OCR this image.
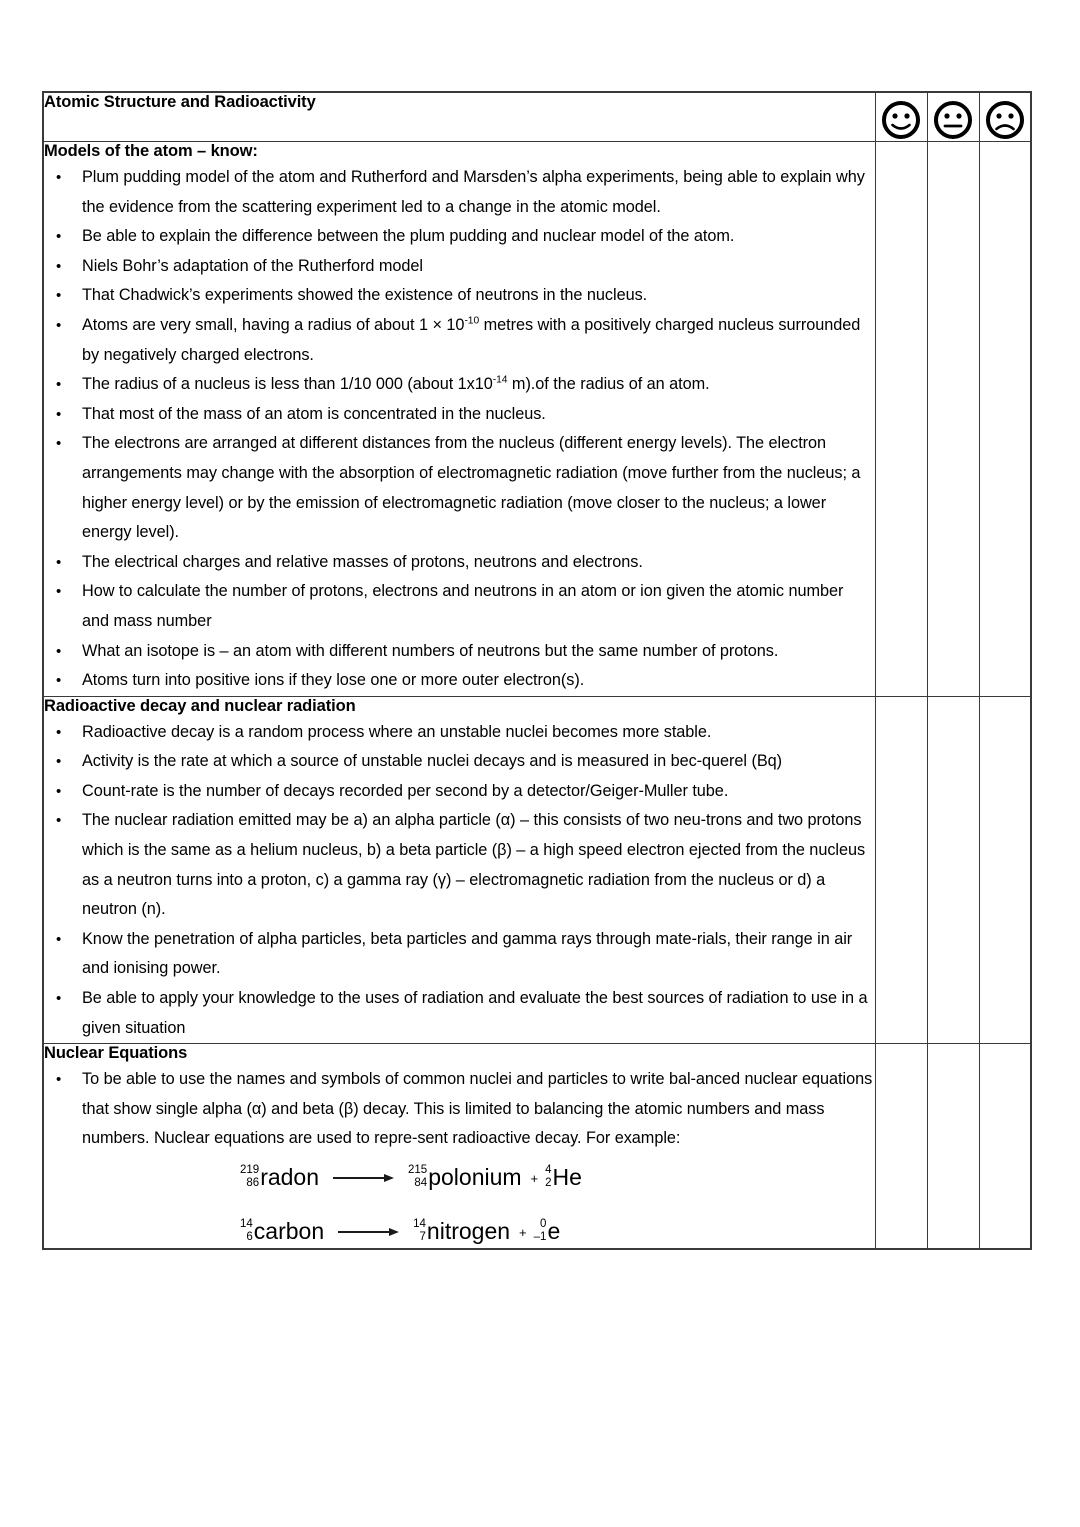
Atomic Structure and Radioactivity

Models of the atom – know:
• Plum pudding model of the atom and Rutherford and Marsden’s alpha experiments, being able to explain why the evidence from the scattering experiment led to a change in the atomic model.
• Be able to explain the difference between the plum pudding and nuclear model of the atom.
• Niels Bohr’s adaptation of the Rutherford model
• That Chadwick’s experiments showed the existence of neutrons in the nucleus.
• Atoms are very small, having a radius of about $1 \times 10^{-10}$ metres with a positively charged nucleus surrounded by negatively charged electrons.
• The radius of a nucleus is less than 1/10 000 (about $1x10^{-14}$ m).of the radius of an atom.
• That most of the mass of an atom is concentrated in the nucleus.
• The electrons are arranged at different distances from the nucleus (different energy levels). The electron arrangements may change with the absorption of electromagnetic radiation (move further from the nucleus; a higher energy level) or by the emission of electromagnetic radiation (move closer to the nucleus; a lower energy level).
• The electrical charges and relative masses of protons, neutrons and electrons.
• How to calculate the number of protons, electrons and neutrons in an atom or ion given the atomic number and mass number
• What an isotope is – an atom with different numbers of neutrons but the same number of protons.
• Atoms turn into positive ions if they lose one or more outer electron(s).

Radioactive decay and nuclear radiation
• Radioactive decay is a random process where an unstable nuclei becomes more stable.
• Activity is the rate at which a source of unstable nuclei decays and is measured in bec-querel (Bq)
• Count-rate is the number of decays recorded per second by a detector/Geiger-Muller tube.
• The nuclear radiation emitted may be a) an alpha particle (α) – this consists of two neu-trons and two protons which is the same as a helium nucleus, b) a beta particle (β) – a high speed electron ejected from the nucleus as a neutron turns into a proton, c) a gamma ray (γ) – electromagnetic radiation from the nucleus or d) a neutron (n).
• Know the penetration of alpha particles, beta particles and gamma rays through mate-rials, their range in air and ionising power.
• Be able to apply your knowledge to the uses of radiation and evaluate the best sources of radiation to use in a given situation

Nuclear Equations
• To be able to use the names and symbols of common nuclei and particles to write bal-anced nuclear equations that show single alpha (α) and beta (β) decay. This is limited to balancing the atomic numbers and mass numbers. Nuclear equations are used to repre-sent radioactive decay. For example:
219
86 radon	215
84 polonium +
4
2 He
14
6 carbon	14
7 nitrogen +
0
–1 e
